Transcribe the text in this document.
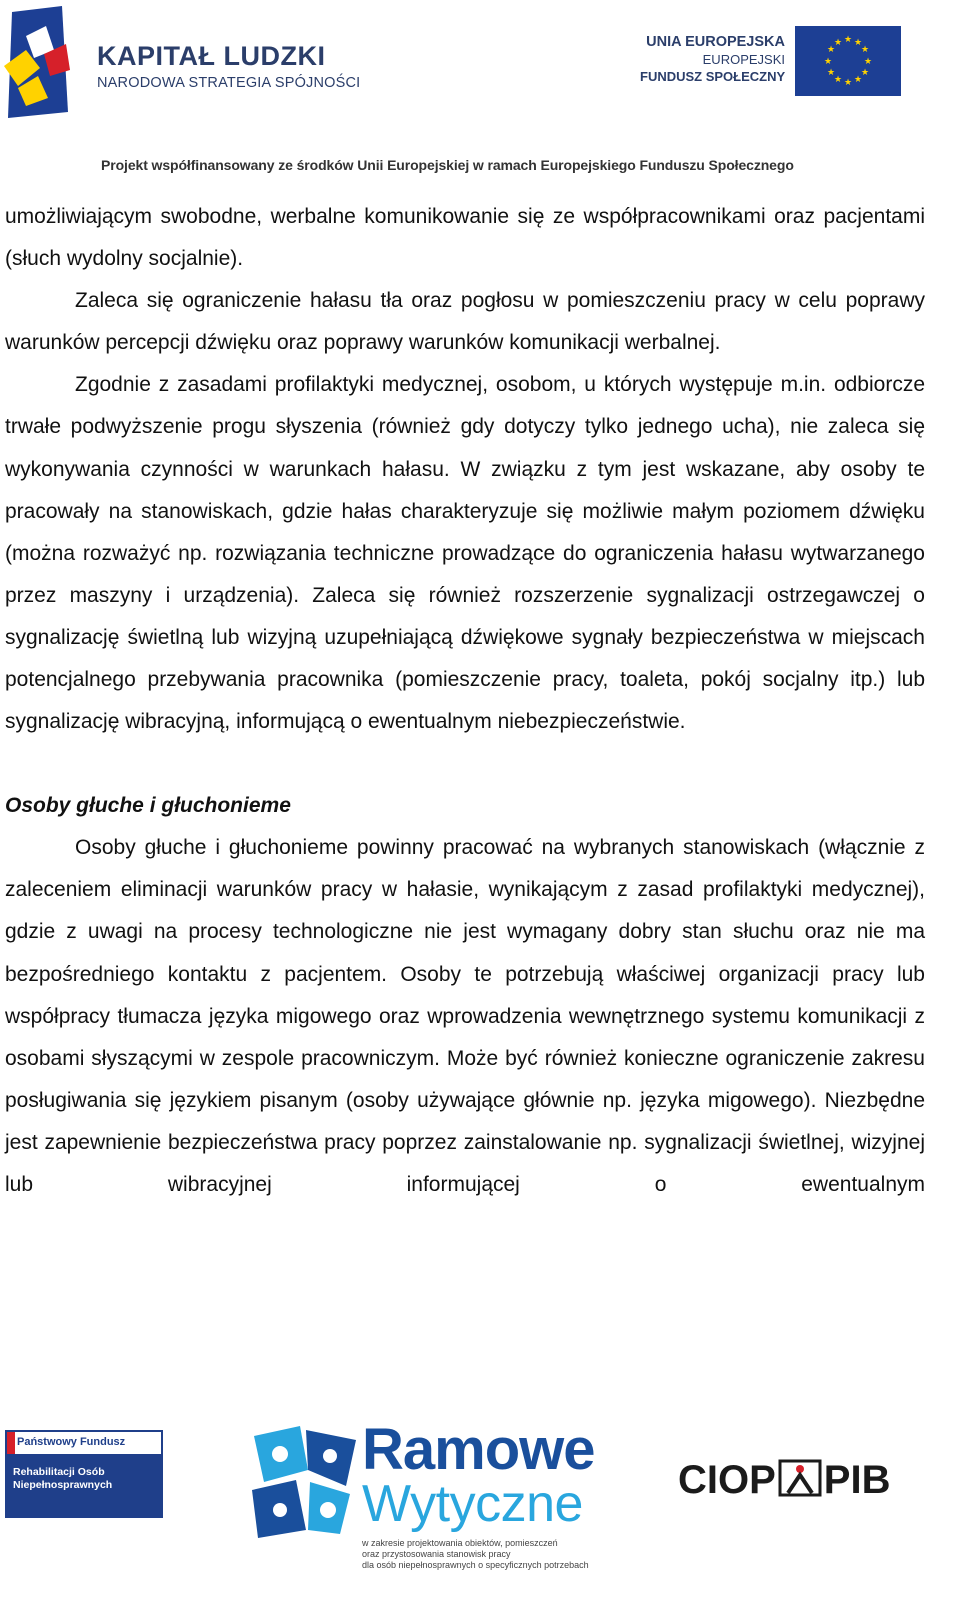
KAPITAŁ LUDZKI
NARODOWA STRATEGIA SPÓJNOŚCI
UNIA EUROPEJSKA
EUROPEJSKI
FUNDUSZ SPOŁECZNY
★ ★
★
★
★
★
★
★
★
★
★
★
Projekt współfinansowany ze środków Unii Europejskiej w ramach Europejskiego Funduszu Społecznego

umożliwiającym swobodne, werbalne komunikowanie się ze współpracownikami oraz pacjentami (słuch wydolny socjalnie).

Zaleca się ograniczenie hałasu tła oraz pogłosu w pomieszczeniu pracy w celu poprawy warunków percepcji dźwięku oraz poprawy warunków komunikacji werbalnej.

Zgodnie z zasadami profilaktyki medycznej, osobom, u których występuje m.in. odbiorcze trwałe podwyższenie progu słyszenia (również gdy dotyczy tylko jednego ucha), nie zaleca się wykonywania czynności w warunkach hałasu. W związku z tym jest wskazane, aby osoby te pracowały na stanowiskach, gdzie hałas charakteryzuje się możliwie małym poziomem dźwięku (można rozważyć np. rozwiązania techniczne prowadzące do ograniczenia hałasu wytwarzanego przez maszyny i urządzenia). Zaleca się również rozszerzenie sygnalizacji ostrzegawczej o sygnalizację świetlną lub wizyjną uzupełniającą dźwiękowe sygnały bezpieczeństwa w miejscach potencjalnego przebywania pracownika (pomieszczenie pracy, toaleta, pokój socjalny itp.) lub sygnalizację wibracyjną, informującą o ewentualnym niebezpieczeństwie.

Osoby głuche i głuchonieme

Osoby głuche i głuchonieme powinny pracować na wybranych stanowiskach (włącznie z zaleceniem eliminacji warunków pracy w hałasie, wynikającym z zasad profilaktyki medycznej), gdzie z uwagi na procesy technologiczne nie jest wymagany dobry stan słuchu oraz nie ma bezpośredniego kontaktu z pacjentem. Osoby te potrzebują właściwej organizacji pracy lub współpracy tłumacza języka migowego oraz wprowadzenia wewnętrznego systemu komunikacji z osobami słyszącymi w zespole pracowniczym. Może być również konieczne ograniczenie zakresu posługiwania się językiem pisanym (osoby używające głównie np. języka migowego). Niezbędne jest zapewnienie bezpieczeństwa pracy poprzez zainstalowanie np. sygnalizacji świetlnej, wizyjnej lub wibracyjnej informującej o ewentualnym

Państwowy Fundusz
Rehabilitacji Osób
Niepełnosprawnych
Ramowe
Wytyczne
w zakresie projektowania obiektów, pomieszczeń
oraz przystosowania stanowisk pracy
dla osób niepełnosprawnych o specyficznych potrzebach
CIOP PIB
